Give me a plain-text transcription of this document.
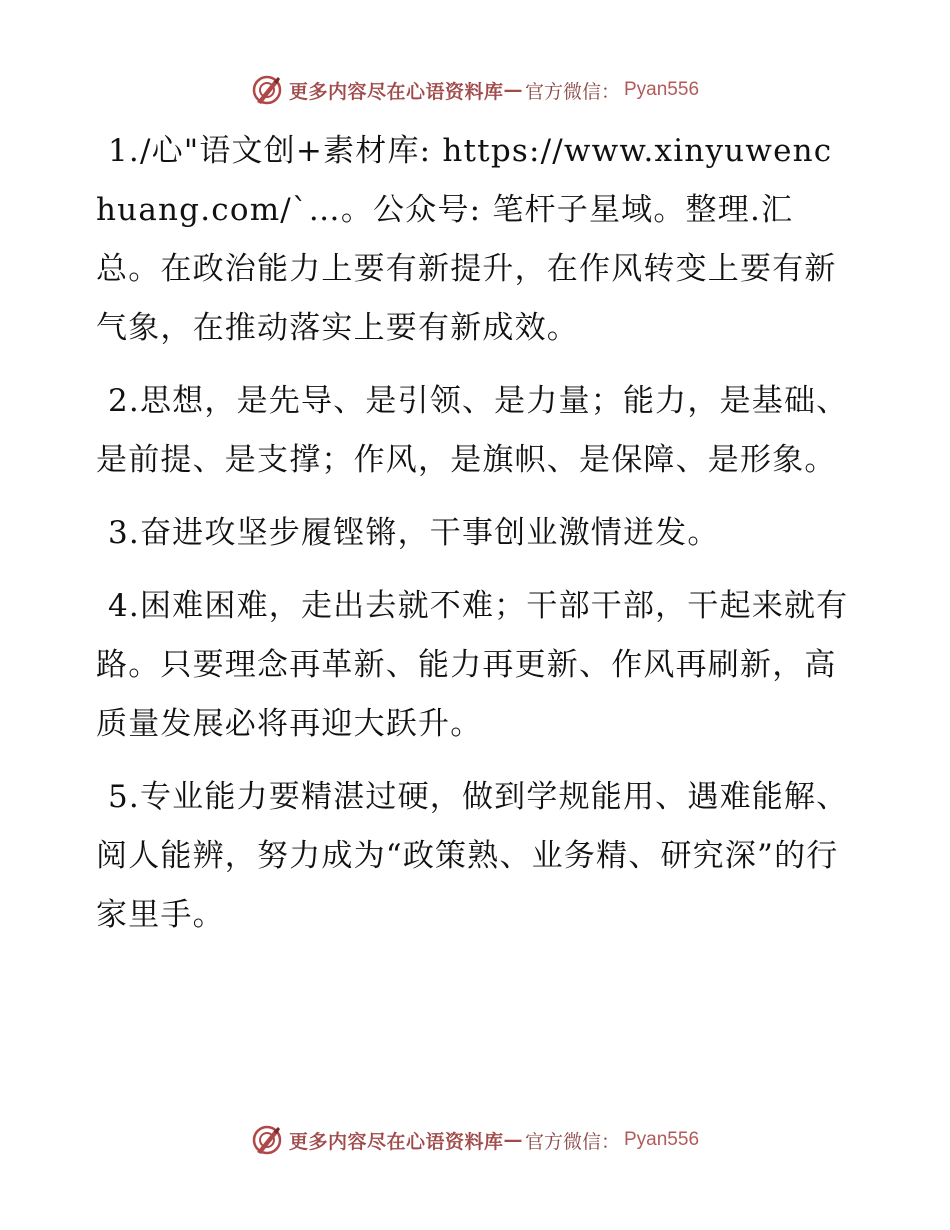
更多内容尽在心语资料库 — 官方微信： Pyan556

1./心"语文创+素材库: https://www.xinyuwenchuang.com/`…。公众号: 笔杆子星域。整理.汇总。在政治能力上要有新提升，在作风转变上要有新气象，在推动落实上要有新成效。

2.思想，是先导、是引领、是力量；能力，是基础、是前提、是支撑；作风，是旗帜、是保障、是形象。

3.奋进攻坚步履铿锵，干事创业激情迸发。

4.困难困难，走出去就不难；干部干部，干起来就有路。只要理念再革新、能力再更新、作风再刷新，高质量发展必将再迎大跃升。

5.专业能力要精湛过硬，做到学规能用、遇难能解、阅人能辨，努力成为“政策熟、业务精、研究深”的行家里手。

更多内容尽在心语资料库 — 官方微信： Pyan556
